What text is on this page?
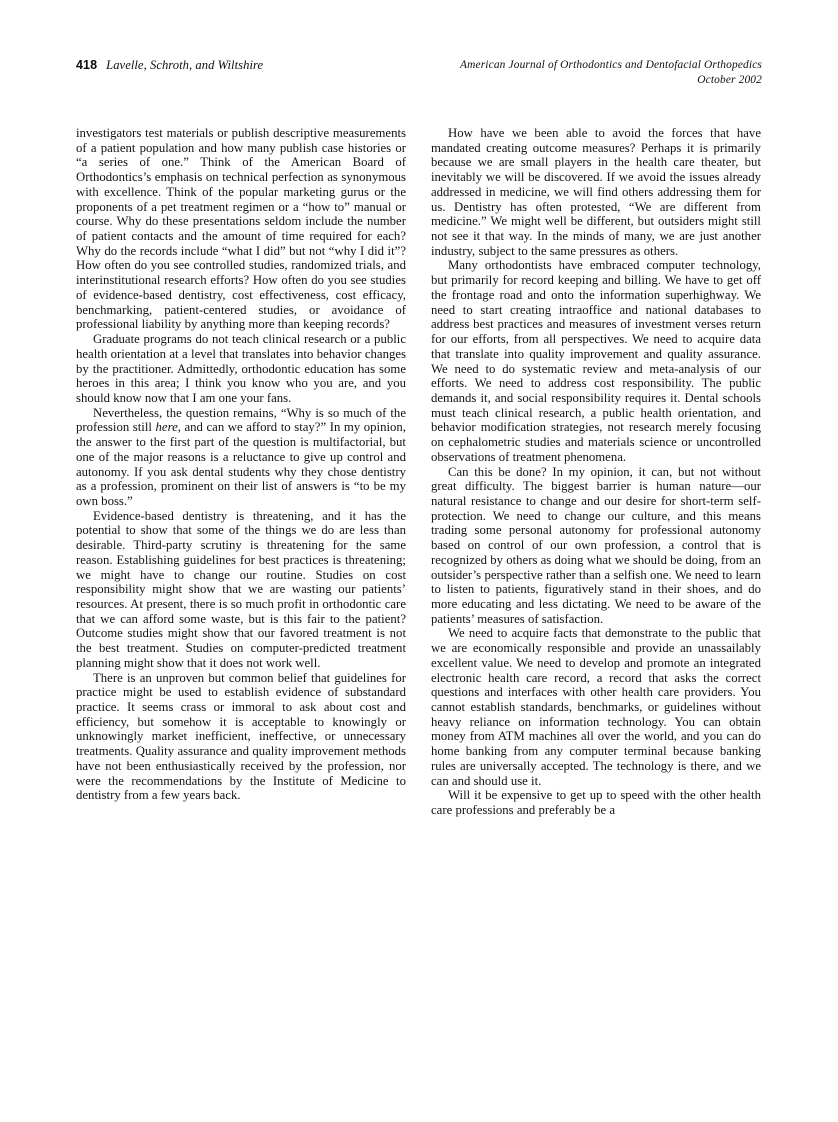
418 Lavelle, Schroth, and Wiltshire	American Journal of Orthodontics and Dentofacial Orthopedics
October 2002

investigators test materials or publish descriptive measurements of a patient population and how many publish case histories or “a series of one.” Think of the American Board of Orthodontics’s emphasis on technical perfection as synonymous with excellence. Think of the popular marketing gurus or the proponents of a pet treatment regimen or a “how to” manual or course. Why do these presentations seldom include the number of patient contacts and the amount of time required for each? Why do the records include “what I did” but not “why I did it”? How often do you see controlled studies, randomized trials, and interinstitutional research efforts? How often do you see studies of evidence-based dentistry, cost effectiveness, cost efficacy, benchmarking, patient-centered studies, or avoidance of professional liability by anything more than keeping records?

Graduate programs do not teach clinical research or a public health orientation at a level that translates into behavior changes by the practitioner. Admittedly, orthodontic education has some heroes in this area; I think you know who you are, and you should know now that I am one your fans.

Nevertheless, the question remains, “Why is so much of the profession still here, and can we afford to stay?” In my opinion, the answer to the first part of the question is multifactorial, but one of the major reasons is a reluctance to give up control and autonomy. If you ask dental students why they chose dentistry as a profession, prominent on their list of answers is “to be my own boss.”

Evidence-based dentistry is threatening, and it has the potential to show that some of the things we do are less than desirable. Third-party scrutiny is threatening for the same reason. Establishing guidelines for best practices is threatening; we might have to change our routine. Studies on cost responsibility might show that we are wasting our patients’ resources. At present, there is so much profit in orthodontic care that we can afford some waste, but is this fair to the patient? Outcome studies might show that our favored treatment is not the best treatment. Studies on computer-predicted treatment planning might show that it does not work well.

There is an unproven but common belief that guidelines for practice might be used to establish evidence of substandard practice. It seems crass or immoral to ask about cost and efficiency, but somehow it is acceptable to knowingly or unknowingly market inefficient, ineffective, or unnecessary treatments. Quality assurance and quality improvement methods have not been enthusiastically received by the profession, nor were the recommendations by the Institute of Medicine to dentistry from a few years back.

How have we been able to avoid the forces that have mandated creating outcome measures? Perhaps it is primarily because we are small players in the health care theater, but inevitably we will be discovered. If we avoid the issues already addressed in medicine, we will find others addressing them for us. Dentistry has often protested, “We are different from medicine.” We might well be different, but outsiders might still not see it that way. In the minds of many, we are just another industry, subject to the same pressures as others.

Many orthodontists have embraced computer technology, but primarily for record keeping and billing. We have to get off the frontage road and onto the information superhighway. We need to start creating intraoffice and national databases to address best practices and measures of investment verses return for our efforts, from all perspectives. We need to acquire data that translate into quality improvement and quality assurance. We need to do systematic review and meta-analysis of our efforts. We need to address cost responsibility. The public demands it, and social responsibility requires it. Dental schools must teach clinical research, a public health orientation, and behavior modification strategies, not research merely focusing on cephalometric studies and materials science or uncontrolled observations of treatment phenomena.

Can this be done? In my opinion, it can, but not without great difficulty. The biggest barrier is human nature—our natural resistance to change and our desire for short-term self-protection. We need to change our culture, and this means trading some personal autonomy for professional autonomy based on control of our own profession, a control that is recognized by others as doing what we should be doing, from an outsider’s perspective rather than a selfish one. We need to learn to listen to patients, figuratively stand in their shoes, and do more educating and less dictating. We need to be aware of the patients’ measures of satisfaction.

We need to acquire facts that demonstrate to the public that we are economically responsible and provide an unassailably excellent value. We need to develop and promote an integrated electronic health care record, a record that asks the correct questions and interfaces with other health care providers. You cannot establish standards, benchmarks, or guidelines without heavy reliance on information technology. You can obtain money from ATM machines all over the world, and you can do home banking from any computer terminal because banking rules are universally accepted. The technology is there, and we can and should use it.

Will it be expensive to get up to speed with the other health care professions and preferably be a
